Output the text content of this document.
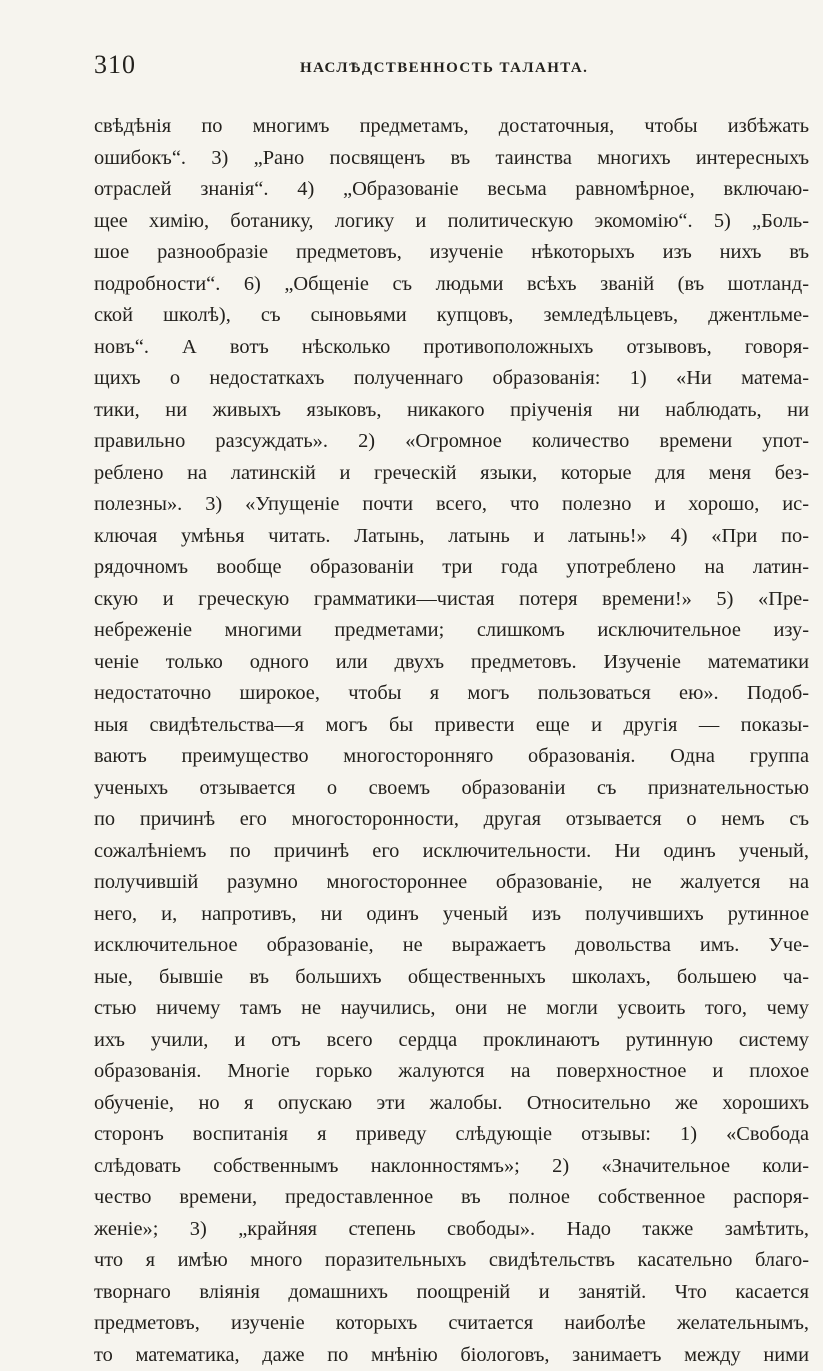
310	НАСЛѢДСТВЕННОСТЬ ТАЛАНТА.
свѣдѣнія по многимъ предметамъ, достаточныя, чтобы избѣжать
ошибокъ“. 3) „Рано посвященъ въ таинства многихъ интересныхъ
отраслей знанія“. 4) „Образованіе весьма равномѣрное, включаю-
щее химію, ботанику, логику и политическую экомомію“. 5) „Боль-
шое разнообразіе предметовъ, изученіе нѣкоторыхъ изъ нихъ въ
подробности“. 6) „Общеніе съ людьми всѣхъ званій (въ шотланд-
ской школѣ), съ сыновьями купцовъ, земледѣльцевъ, джентльме-
новъ“. А вотъ нѣсколько противоположныхъ отзывовъ, говоря-
щихъ о недостаткахъ полученнаго образованія: 1) «Ни матема-
тики, ни живыхъ языковъ, никакого пріученія ни наблюдать, ни
правильно разсуждать». 2) «Огромное количество времени упот-
реблено на латинскій и греческій языки, которые для меня без-
полезны». 3) «Упущеніе почти всего, что полезно и хорошо, ис-
ключая умѣнья читать. Латынь, латынь и латынь!» 4) «При по-
рядочномъ вообще образованіи три года употреблено на латин-
скую и греческую грамматики—чистая потеря времени!» 5) «Пре-
небреженіе многими предметами; слишкомъ исключительное изу-
ченіе только одного или двухъ предметовъ. Изученіе математики
недостаточно широкое, чтобы я могъ пользоваться ею». Подоб-
ныя свидѣтельства—я могъ бы привести еще и другія — показы-
ваютъ преимущество многосторонняго образованія. Одна группа
ученыхъ отзывается о своемъ образованіи съ признательностью
по причинѣ его многосторонности, другая отзывается о немъ съ
сожалѣніемъ по причинѣ его исключительности. Ни одинъ ученый,
получившій разумно многостороннее образованіе, не жалуется на
него, и, напротивъ, ни одинъ ученый изъ получившихъ рутинное
исключительное образованіе, не выражаетъ довольства имъ. Уче-
ные, бывшіе въ большихъ общественныхъ школахъ, большею ча-
стью ничему тамъ не научились, они не могли усвоить того, чему
ихъ учили, и отъ всего сердца проклинаютъ рутинную систему
образованія. Многіе горько жалуются на поверхностное и плохое
обученіе, но я опускаю эти жалобы. Относительно же хорошихъ
сторонъ воспитанія я приведу слѣдующіе отзывы: 1) «Свобода
слѣдовать собственнымъ наклонностямъ»; 2) «Значительное коли-
чество времени, предоставленное въ полное собственное распоря-
женіе»; 3) „крайняя степень свободы». Надо также замѣтить,
что я имѣю много поразительныхъ свидѣтельствъ касательно благо-
творнаго вліянія домашнихъ поощреній и занятій. Что касается
предметовъ, изученіе которыхъ считается наиболѣе желательнымъ,
то математика, даже по мнѣнію біологовъ, занимаетъ между ними
